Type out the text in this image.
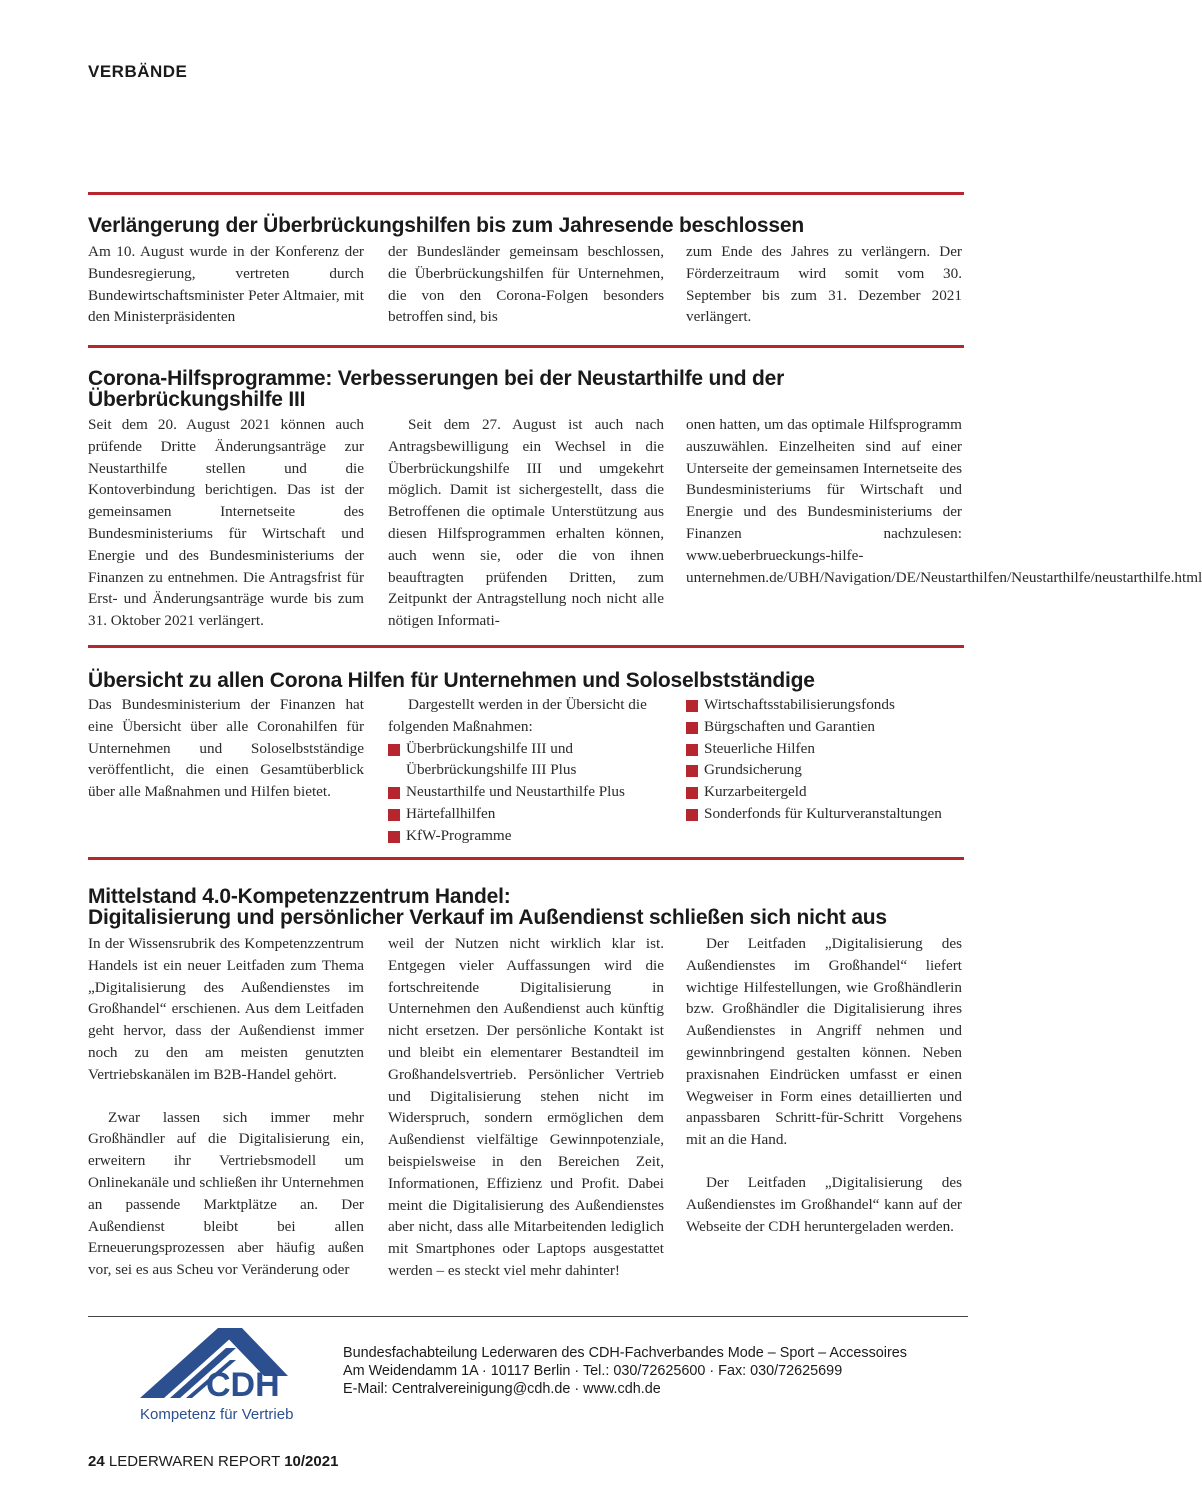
VERBÄNDE
Verlängerung der Überbrückungshilfen bis zum Jahresende beschlossen

Am 10. August wurde in der Konferenz der Bundesregierung, vertreten durch Bundewirtschaftsminister Peter Altmaier, mit den Ministerpräsidenten

der Bundesländer gemeinsam beschlossen, die Überbrückungshilfen für Unternehmen, die von den Corona-Folgen besonders betroffen sind, bis

zum Ende des Jahres zu verlängern. Der Förderzeitraum wird somit vom 30. September bis zum 31. Dezember 2021 verlängert.

Corona-Hilfsprogramme: Verbesserungen bei der Neustarthilfe und der
Überbrückungshilfe III

Seit dem 20. August 2021 können auch prüfende Dritte Änderungsanträge zur Neustarthilfe stellen und die Kontoverbindung berichtigen. Das ist der gemeinsamen Internetseite des Bundesministeriums für Wirtschaft und Energie und des Bundesministeriums der Finanzen zu entnehmen. Die Antragsfrist für Erst- und Änderungsanträge wurde bis zum 31. Oktober 2021 verlängert.

Seit dem 27. August ist auch nach Antragsbewilligung ein Wechsel in die Überbrückungshilfe III und umgekehrt möglich. Damit ist sichergestellt, dass die Betroffenen die optimale Unterstützung aus diesen Hilfsprogrammen erhalten können, auch wenn sie, oder die von ihnen beauftragten prüfenden Dritten, zum Zeitpunkt der Antragstellung noch nicht alle nötigen Informati-

onen hatten, um das optimale Hilfsprogramm auszuwählen. Einzelheiten sind auf einer Unterseite der gemeinsamen Internetseite des Bundesministeriums für Wirtschaft und Energie und des Bundesministeriums der Finanzen nachzulesen: www.ueberbrueckungs-hilfe-unternehmen.de/UBH/Navigation/DE/Neustarthilfen/Neustarthilfe/neustarthilfe.html

Übersicht zu allen Corona Hilfen für Unternehmen und Soloselbstständige

Das Bundesministerium der Finanzen hat eine Übersicht über alle Coronahilfen für Unternehmen und Soloselbstständige veröffentlicht, die einen Gesamtüberblick über alle Maßnahmen und Hilfen bietet.

Dargestellt werden in der Übersicht die folgenden Maßnahmen:

Überbrückungshilfe III und Überbrückungshilfe III Plus
Neustarthilfe und Neustarthilfe Plus
Härtefallhilfen
KfW-Programme
Wirtschaftsstabilisierungsfonds
Bürgschaften und Garantien
Steuerliche Hilfen
Grundsicherung
Kurzarbeitergeld
Sonderfonds für Kulturveranstaltungen
Mittelstand 4.0-Kompetenzzentrum Handel:
Digitalisierung und persönlicher Verkauf im Außendienst schließen sich nicht aus

In der Wissensrubrik des Kompetenzzentrum Handels ist ein neuer Leitfaden zum Thema „Digitalisierung des Außendienstes im Großhandel“ erschienen. Aus dem Leitfaden geht hervor, dass der Außendienst immer noch zu den am meisten genutzten Vertriebskanälen im B2B-Handel gehört.

Zwar lassen sich immer mehr Großhändler auf die Digitalisierung ein, erweitern ihr Vertriebsmodell um Onlinekanäle und schließen ihr Unternehmen an passende Marktplätze an. Der Außendienst bleibt bei allen Erneuerungsprozessen aber häufig außen vor, sei es aus Scheu vor Veränderung oder

weil der Nutzen nicht wirklich klar ist. Entgegen vieler Auffassungen wird die fortschreitende Digitalisierung in Unternehmen den Außendienst auch künftig nicht ersetzen. Der persönliche Kontakt ist und bleibt ein elementarer Bestandteil im Großhandelsvertrieb. Persönlicher Vertrieb und Digitalisierung stehen nicht im Widerspruch, sondern ermöglichen dem Außendienst vielfältige Gewinnpotenziale, beispielsweise in den Bereichen Zeit, Informationen, Effizienz und Profit. Dabei meint die Digitalisierung des Außendienstes aber nicht, dass alle Mitarbeitenden lediglich mit Smartphones oder Laptops ausgestattet werden – es steckt viel mehr dahinter!

Der Leitfaden „Digitalisierung des Außendienstes im Großhandel“ liefert wichtige Hilfestellungen, wie Großhändlerin bzw. Großhändler die Digitalisierung ihres Außendienstes in Angriff nehmen und gewinnbringend gestalten können. Neben praxisnahen Eindrücken umfasst er einen Wegweiser in Form eines detaillierten und anpassbaren Schritt-für-Schritt Vorgehens mit an die Hand.

Der Leitfaden „Digitalisierung des Außendienstes im Großhandel“ kann auf der Webseite der CDH heruntergeladen werden.

CDH
Kompetenz für Vertrieb
Bundesfachabteilung Lederwaren des CDH-Fachverbandes Mode – Sport – Accessoires
Am Weidendamm 1A · 10117 Berlin · Tel.: 030/72625600 · Fax: 030/72625699
E-Mail: Centralvereinigung@cdh.de · www.cdh.de
24 LEDERWAREN REPORT 10/2021
